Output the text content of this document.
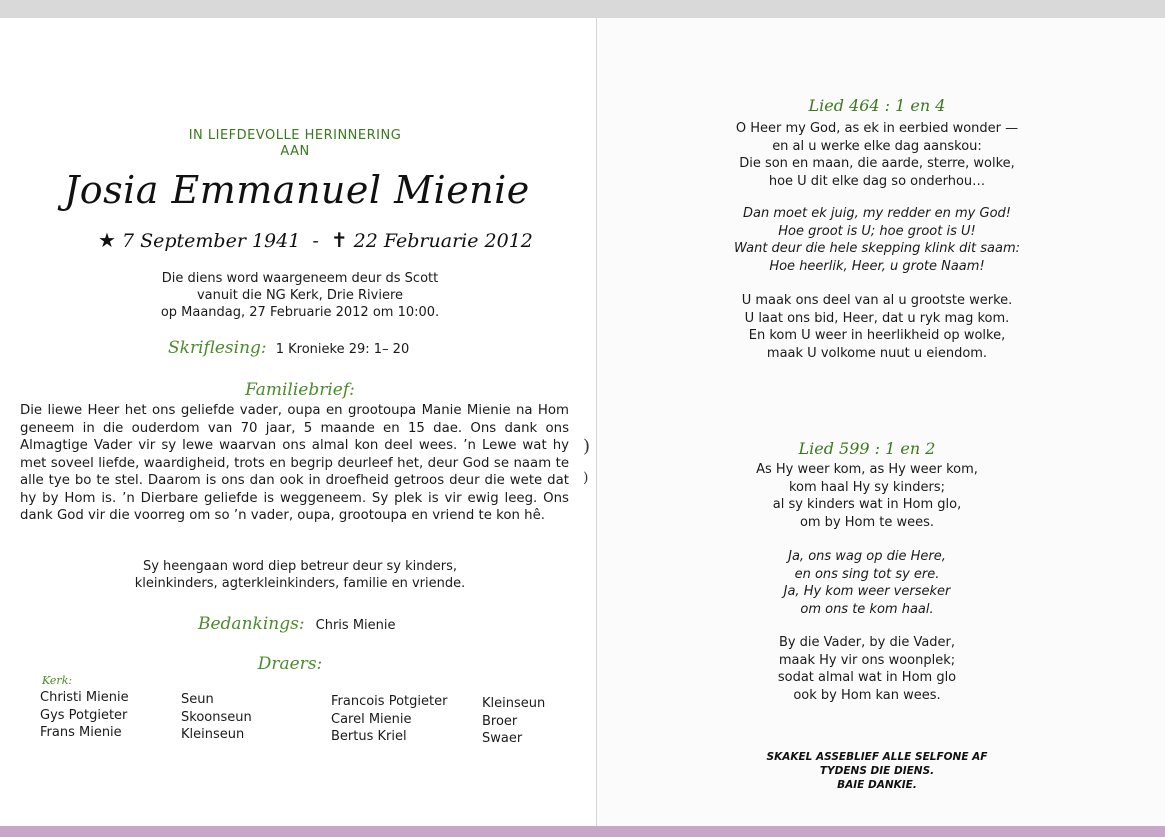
IN LIEFDEVOLLE HERINNERING
AAN
Josia Emmanuel Mienie
★ 7 September 1941 - ✝ 22 Februarie 2012
Die diens word waargeneem deur ds Scott
vanuit die NG Kerk, Drie Riviere
op Maandag, 27 Februarie 2012 om 10:00.
Skriflesing: 1 Kronieke 29: 1– 20
Familiebrief:
Die liewe Heer het ons geliefde vader, oupa en grootoupa Manie Mienie na Hom geneem in die ouderdom van 70 jaar, 5 maande en 15 dae. Ons dank ons Almagtige Vader vir sy lewe waarvan ons almal kon deel wees. ’n Lewe wat hy met soveel liefde, waardigheid, trots en begrip deurleef het, deur God se naam te alle tye bo te stel. Daarom is ons dan ook in droefheid getroos deur die wete dat hy by Hom is. ’n Dierbare geliefde is weggeneem. Sy plek is vir ewig leeg. Ons dank God vir die voorreg om so ’n vader, oupa, grootoupa en vriend te kon hê.
Sy heengaan word diep betreur deur sy kinders,
kleinkinders, agterkleinkinders, familie en vriende.
Bedankings: Chris Mienie
Draers:
Kerk:
Christi Mienie
Gys Potgieter
Frans Mienie
Seun
Skoonseun
Kleinseun
Francois Potgieter
Carel Mienie
Bertus Kriel
Kleinseun
Broer
Swaer
)
)
Lied 464 : 1 en 4
O Heer my God, as ek in eerbied wonder —
en al u werke elke dag aanskou:
Die son en maan, die aarde, sterre, wolke,
hoe U dit elke dag so onderhou…
Dan moet ek juig, my redder en my God!
Hoe groot is U; hoe groot is U!
Want deur die hele skepping klink dit saam:
Hoe heerlik, Heer, u grote Naam!
U maak ons deel van al u grootste werke.
U laat ons bid, Heer, dat u ryk mag kom.
En kom U weer in heerlikheid op wolke,
maak U volkome nuut u eiendom.
Lied 599 : 1 en 2
As Hy weer kom, as Hy weer kom,
kom haal Hy sy kinders;
al sy kinders wat in Hom glo,
om by Hom te wees.
Ja, ons wag op die Here,
en ons sing tot sy ere.
Ja, Hy kom weer verseker
om ons te kom haal.
By die Vader, by die Vader,
maak Hy vir ons woonplek;
sodat almal wat in Hom glo
ook by Hom kan wees.
SKAKEL ASSEBLIEF ALLE SELFONE AF
TYDENS DIE DIENS.
BAIE DANKIE.
